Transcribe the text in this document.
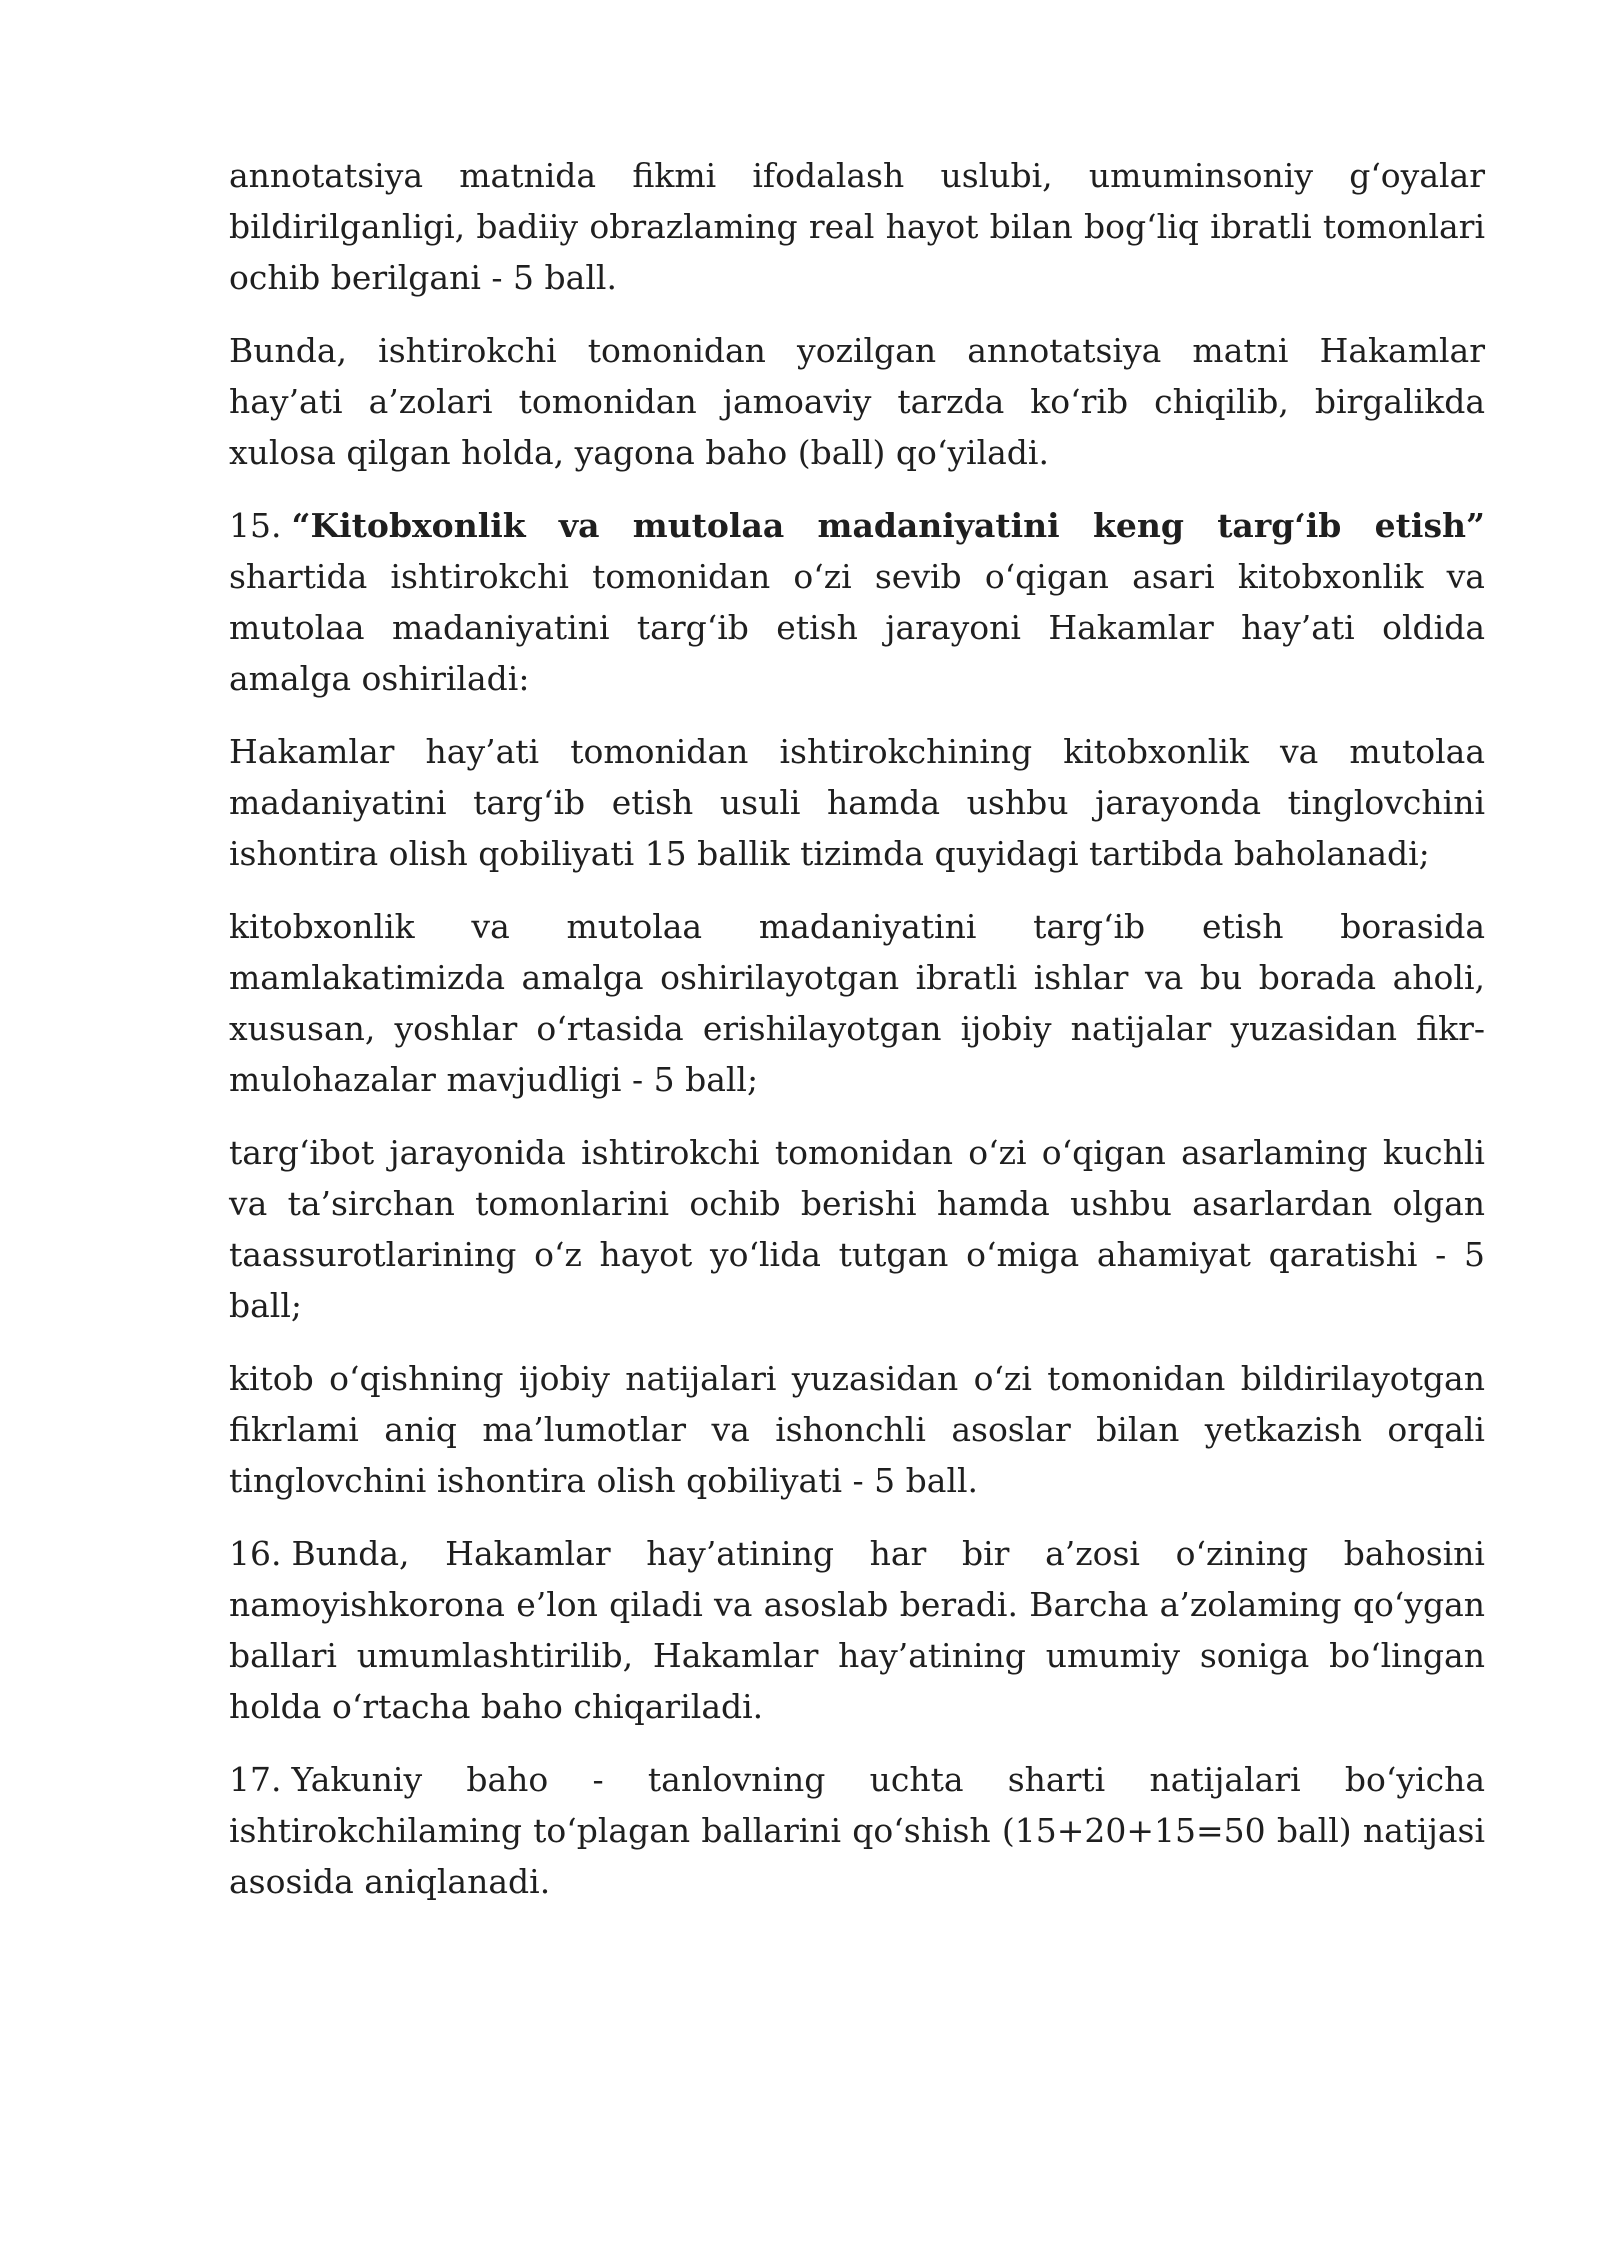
annotatsiya matnida fikmi ifodalash uslubi, umuminsoniy g‘oyalar bildirilganligi, badiiy obrazlaming real hayot bilan bog‘liq ibratli tomonlari ochib berilgani - 5 ball.

Bunda, ishtirokchi tomonidan yozilgan annotatsiya matni Hakamlar hay’ati a’zolari tomonidan jamoaviy tarzda ko‘rib chiqilib, birgalikda xulosa qilgan holda, yagona baho (ball) qo‘yiladi.

15. “Kitobxonlik va mutolaa madaniyatini keng targ‘ib etish” shartida ishtirokchi tomonidan o‘zi sevib o‘qigan asari kitobxonlik va mutolaa madaniyatini targ‘ib etish jarayoni Hakamlar hay’ati oldida amalga oshiriladi:

Hakamlar hay’ati tomonidan ishtirokchining kitobxonlik va mutolaa madaniyatini targ‘ib etish usuli hamda ushbu jarayonda tinglovchini ishontira olish qobiliyati 15 ballik tizimda quyidagi tartibda baholanadi;

kitobxonlik va mutolaa madaniyatini targ‘ib etish borasida mamlakatimizda amalga oshirilayotgan ibratli ishlar va bu borada aholi, xususan, yoshlar o‘rtasida erishilayotgan ijobiy natijalar yuzasidan fikr-mulohazalar mavjudligi - 5 ball;

targ‘ibot jarayonida ishtirokchi tomonidan o‘zi o‘qigan asarlaming kuchli va ta’sirchan tomonlarini ochib berishi hamda ushbu asarlardan olgan taassurotlarining o‘z hayot yo‘lida tutgan o‘miga ahamiyat qaratishi - 5 ball;

kitob o‘qishning ijobiy natijalari yuzasidan o‘zi tomonidan bildirilayotgan fikrlami aniq ma’lumotlar va ishonchli asoslar bilan yetkazish orqali tinglovchini ishontira olish qobiliyati - 5 ball.

16. Bunda, Hakamlar hay’atining har bir a’zosi o‘zining bahosini namoyishkorona e’lon qiladi va asoslab beradi. Barcha a’zolaming qo‘ygan ballari umumlashtirilib, Hakamlar hay’atining umumiy soniga bo‘lingan holda o‘rtacha baho chiqariladi.

17. Yakuniy baho - tanlovning uchta sharti natijalari bo‘yicha ishtirokchilaming to‘plagan ballarini qo‘shish (15+20+15=50 ball) natijasi asosida aniqlanadi.
